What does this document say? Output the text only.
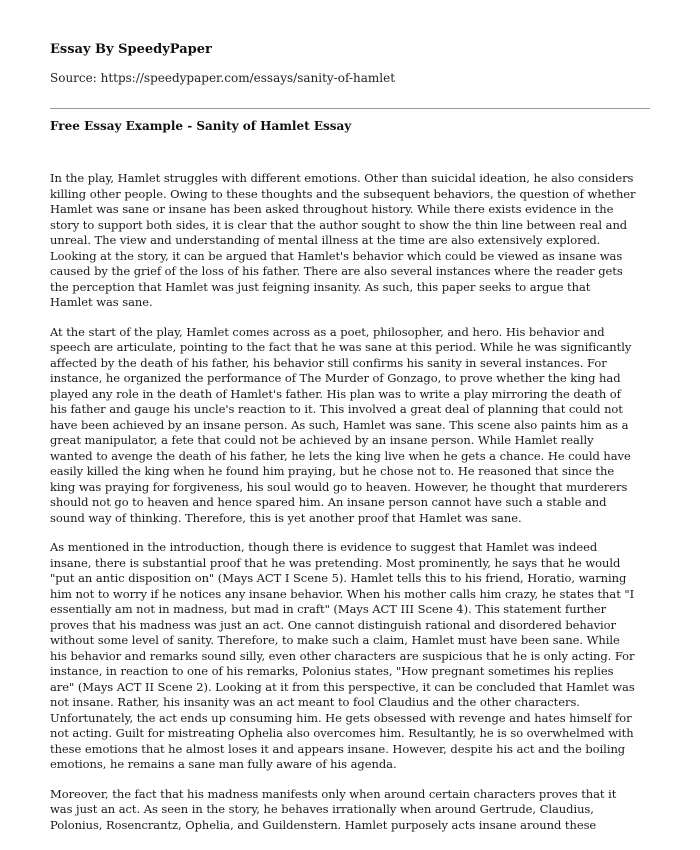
Essay By SpeedyPaper
Source: https://speedypaper.com/essays/sanity-of-hamlet
Free Essay Example - Sanity of Hamlet Essay

In the play, Hamlet struggles with different emotions. Other than suicidal ideation, he also considers
killing other people. Owing to these thoughts and the subsequent behaviors, the question of whether
Hamlet was sane or insane has been asked throughout history. While there exists evidence in the
story to support both sides, it is clear that the author sought to show the thin line between real and
unreal. The view and understanding of mental illness at the time are also extensively explored.
Looking at the story, it can be argued that Hamlet's behavior which could be viewed as insane was
caused by the grief of the loss of his father. There are also several instances where the reader gets
the perception that Hamlet was just feigning insanity. As such, this paper seeks to argue that
Hamlet was sane.

At the start of the play, Hamlet comes across as a poet, philosopher, and hero. His behavior and
speech are articulate, pointing to the fact that he was sane at this period. While he was significantly
affected by the death of his father, his behavior still confirms his sanity in several instances. For
instance, he organized the performance of The Murder of Gonzago, to prove whether the king had
played any role in the death of Hamlet's father. His plan was to write a play mirroring the death of
his father and gauge his uncle's reaction to it. This involved a great deal of planning that could not
have been achieved by an insane person. As such, Hamlet was sane. This scene also paints him as a
great manipulator, a fete that could not be achieved by an insane person. While Hamlet really
wanted to avenge the death of his father, he lets the king live when he gets a chance. He could have
easily killed the king when he found him praying, but he chose not to. He reasoned that since the
king was praying for forgiveness, his soul would go to heaven. However, he thought that murderers
should not go to heaven and hence spared him. An insane person cannot have such a stable and
sound way of thinking. Therefore, this is yet another proof that Hamlet was sane.

As mentioned in the introduction, though there is evidence to suggest that Hamlet was indeed
insane, there is substantial proof that he was pretending. Most prominently, he says that he would
"put an antic disposition on" (Mays ACT I Scene 5). Hamlet tells this to his friend, Horatio, warning
him not to worry if he notices any insane behavior. When his mother calls him crazy, he states that "I
essentially am not in madness, but mad in craft" (Mays ACT III Scene 4). This statement further
proves that his madness was just an act. One cannot distinguish rational and disordered behavior
without some level of sanity. Therefore, to make such a claim, Hamlet must have been sane. While
his behavior and remarks sound silly, even other characters are suspicious that he is only acting. For
instance, in reaction to one of his remarks, Polonius states, "How pregnant sometimes his replies
are" (Mays ACT II Scene 2). Looking at it from this perspective, it can be concluded that Hamlet was
not insane. Rather, his insanity was an act meant to fool Claudius and the other characters.
Unfortunately, the act ends up consuming him. He gets obsessed with revenge and hates himself for
not acting. Guilt for mistreating Ophelia also overcomes him. Resultantly, he is so overwhelmed with
these emotions that he almost loses it and appears insane. However, despite his act and the boiling
emotions, he remains a sane man fully aware of his agenda.

Moreover, the fact that his madness manifests only when around certain characters proves that it
was just an act. As seen in the story, he behaves irrationally when around Gertrude, Claudius,
Polonius, Rosencrantz, Ophelia, and Guildenstern. Hamlet purposely acts insane around these
